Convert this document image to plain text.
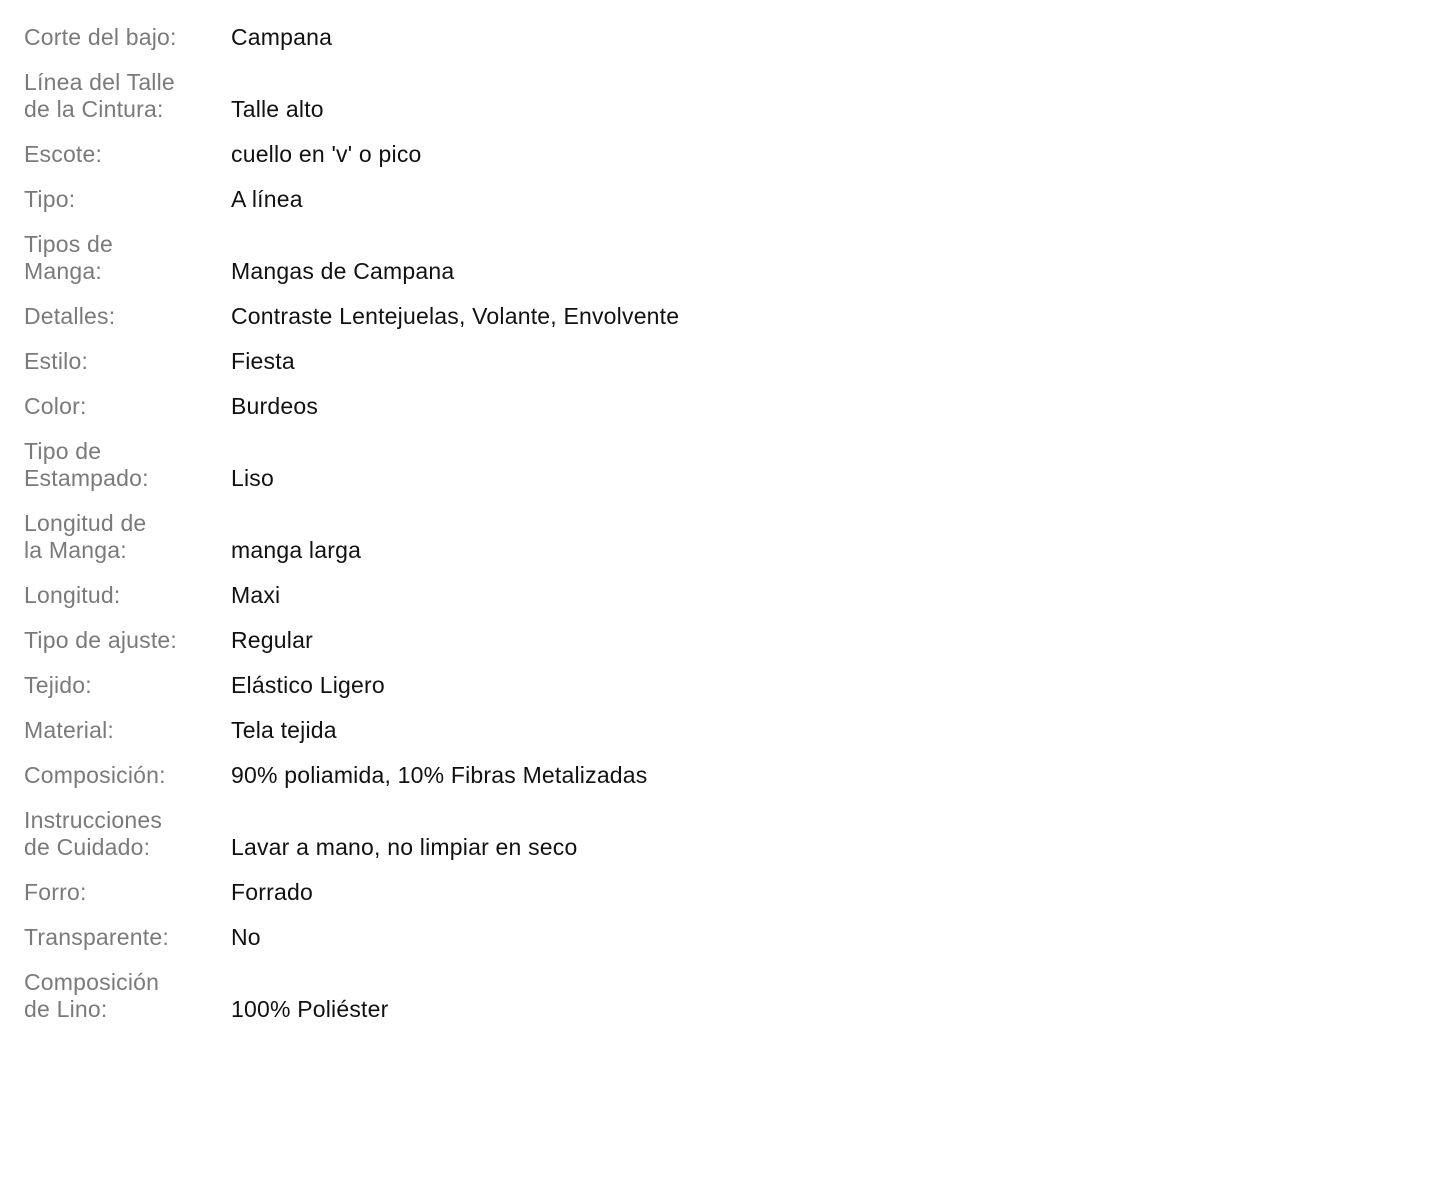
Corte del bajo:	Campana
Línea del Talle
de la Cintura:	Talle alto
Escote:	cuello en 'v' o pico
Tipo:	A línea
Tipos de
Manga:	Mangas de Campana
Detalles:	Contraste Lentejuelas, Volante, Envolvente
Estilo:	Fiesta
Color:	Burdeos
Tipo de
Estampado:	Liso
Longitud de
la Manga:	manga larga
Longitud:	Maxi
Tipo de ajuste:	Regular
Tejido:	Elástico Ligero
Material:	Tela tejida
Composición:	90% poliamida, 10% Fibras Metalizadas
Instrucciones
de Cuidado:	Lavar a mano, no limpiar en seco
Forro:	Forrado
Transparente:	No
Composición
de Lino:	100% Poliéster
